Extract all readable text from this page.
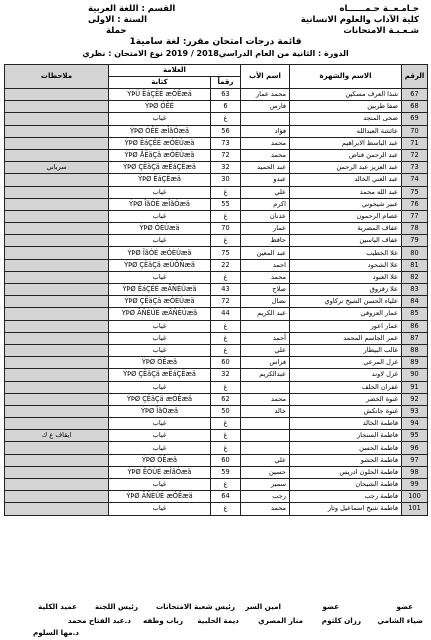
جـامـعــة حـمــــــاه
كلية الآداب والعلوم الانسانية
شـعـبـة الامتحانات
القسم : اللغة العربية
السنة : الاولى
حملة
قائمة درجات امتحان مقرر: لغة سامية1
الدورة : الثانية من العام الدراسي2018 / 2019 نوع الامتحان : نظري
الرقم	الاسم والشهرة	اسم الأب	العلامة		ملاحظات
			رقماً	كتابة	
67	شذا العرف مسكين	محمد عمار	63	ÝÞÜ ËáÇËÉ æÓÊæä	
68	صفا طربين	فارس	6	ÝÞØ ÓÊÉ	
69	ضحى المنجد		غ	غياب	
70	عائشة العبدالله	فؤاد	56	ÝÞØ ÓÊÉ æÎãÓæä	
71	عبد الباسط الابراهيم	محمد	73	ÝÞØ ËáÇËÉ æÓÈÚæä	
72	عبد الرحمن قناص	محمد	72	ÝÞØ ÅËäÇä æÓÈÚæä	
73	عبد العزيز عبد الرحمن	عبد الحميد	32	ÝÞØ ÇËäÇä æËáÇËæä	سرياني
74	عبد الغني الخالد	عبدو	30	ÝÞØ ËáÇËæä	
75	عبد الله محمد	علي	غ	غياب	
76	عبير شيخوني	اكرم	55	ÝÞØ ÎãÓÉ æÎãÓæä	
77	عصام الرحمون	عدنان	غ	غياب	
78	عفاف المصرية	عمار	70	ÝÞØ ÓÈÚæä	
79	عفاف الياسين	حافظ	غ	غياب	
80	علا الخطيب	عبد المعين	75	ÝÞØ ÎãÓÉ æÓÈÚæä	
81	علا الشحود	احمد	22	ÝÞØ ÇËäÇä æÚÔÑæä	
82	علا العبود	محمد	غ	غياب	
83	علا زقزوق	صلاح	43	ÝÞØ ËáÇËÉ æÃÑÈÚæä	
84	علياء الحسن الشيخ تركاوي	نضال	72	ÝÞØ ÇËäÇä æÓÈÚæä	
85	عمار العزوقي	عبد الكريم	44	ÝÞØ ÃÑÈÚÉ æÃÑÈÚæä	
86	عمار اعور		غ	غياب	
87	عمر الجاسم المحمد	أحمد	غ	غياب	
88	غالب البيطار	علي	غ	غياب	
89	غزل المرعي	فراس	60	ÝÞØ ÓÊæä	
90	غزل لاوند	عبدالكريم	32	ÝÞØ ÇËäÇä æËáÇËæä	
91	غفران الحلف		غ	غياب	
92	غنوة الخضر	محمد	62	ÝÞØ ÇËäÇä æÓÊæä	
93	غنوة جانكش	خالد	50	ÝÞØ ÎãÓæä	
94	فاطمة الخالد		غ	غياب	
95	فاطمة السنجار		غ	غياب	ايقاف ع ك
96	فاطمة الحسن		غ	غياب	
97	فاطمة الحشو	علي	60	ÝÞØ ÓÊæä	
98	فاطمة الحلون ادريس	حسين	59	ÝÞØ ÊÓÚÉ æÎãÓæä	
99	فاطمة الشيحان	سمير	غ	غياب	
100	فاطمة رجب	رجب	64	ÝÞØ ÃÑÈÚÉ æÓÊæä	
101	فاطمة شيخ اسماعيل وتار	محمد	غ	غياب	
عضو
عضو
امين السر
رئيس شعبة الامتحانات
رئيس اللجنة
عميد الكلية
ضياء الشامي
رزان كلثوم
منار المصري
ديمة الحلبية
رباب وطفه
د.عبد الفتاح محمد
د.مها السلوم
